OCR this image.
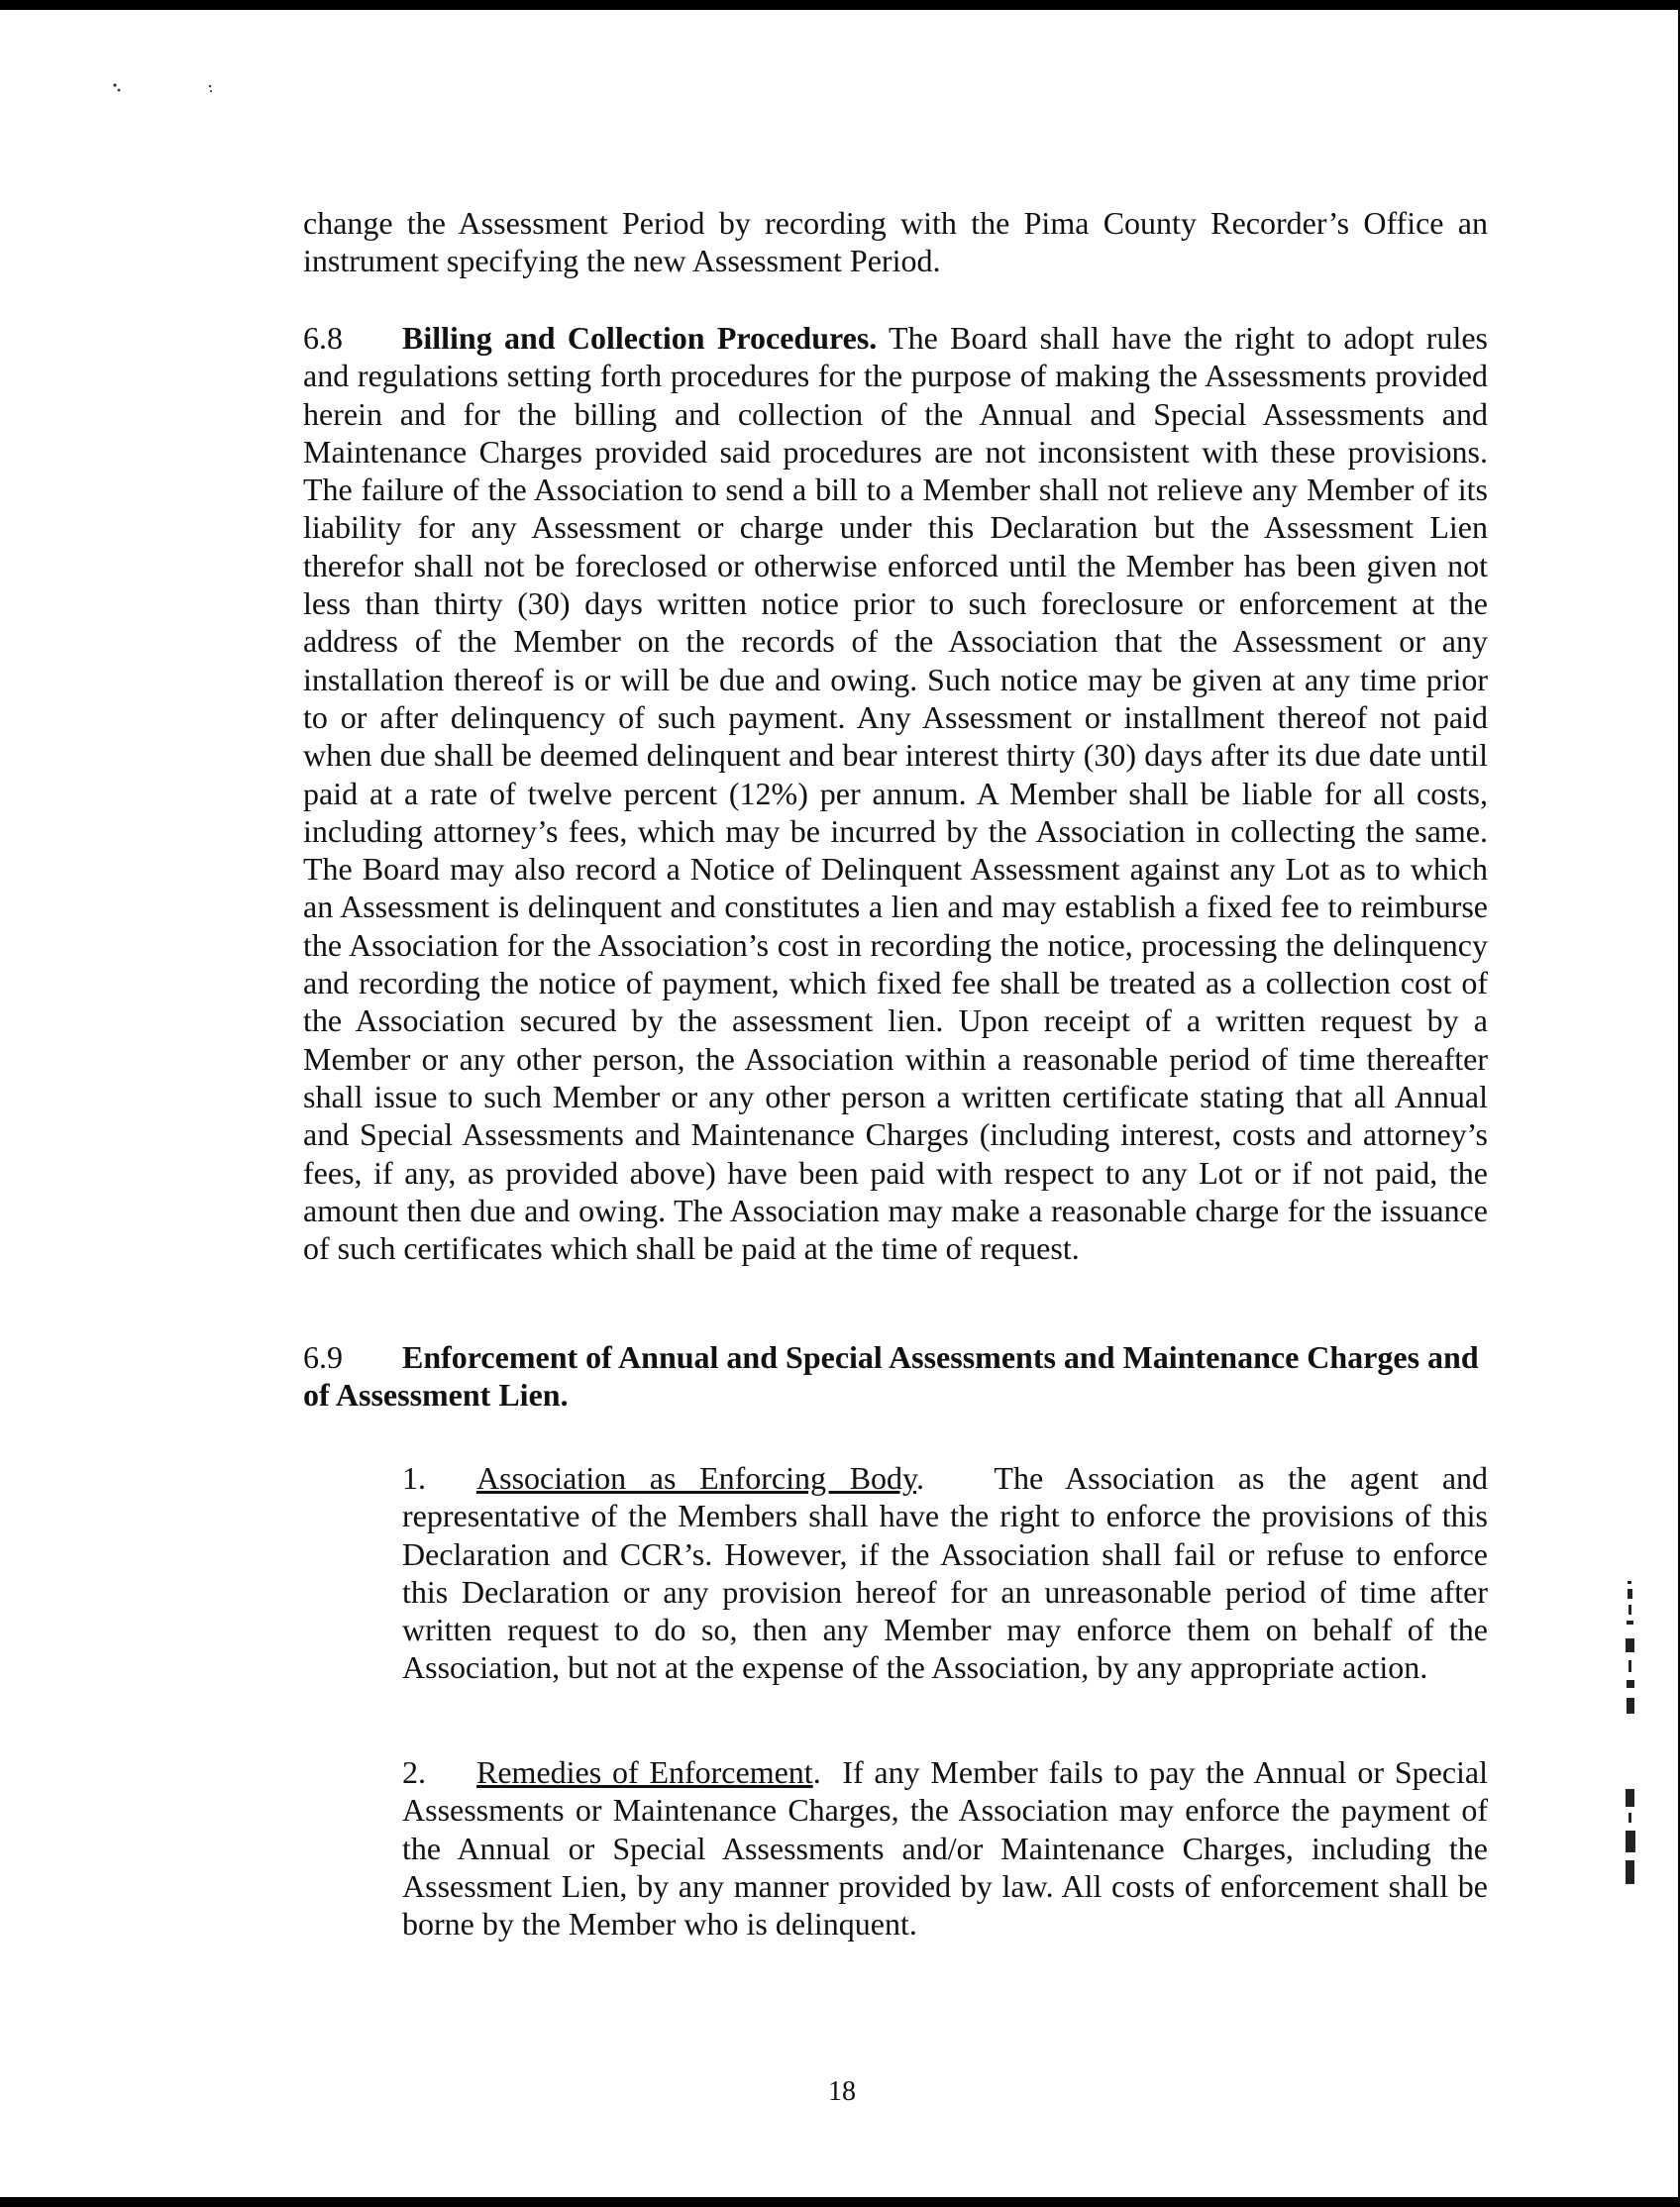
change the Assessment Period by recording with the Pima County Recorder’s Office an instrument specifying the new Assessment Period.

6.8 Billing and Collection Procedures. The Board shall have the right to adopt rules and regulations setting forth procedures for the purpose of making the Assessments provided herein and for the billing and collection of the Annual and Special Assessments and Maintenance Charges provided said procedures are not inconsistent with these provisions. The failure of the Association to send a bill to a Member shall not relieve any Member of its liability for any Assessment or charge under this Declaration but the Assessment Lien therefor shall not be foreclosed or otherwise enforced until the Member has been given not less than thirty (30) days written notice prior to such foreclosure or enforcement at the address of the Member on the records of the Association that the Assessment or any installation thereof is or will be due and owing. Such notice may be given at any time prior to or after delinquency of such payment. Any Assessment or installment thereof not paid when due shall be deemed delinquent and bear interest thirty (30) days after its due date until paid at a rate of twelve percent (12%) per annum. A Member shall be liable for all costs, including attorney’s fees, which may be incurred by the Association in collecting the same. The Board may also record a Notice of Delinquent Assessment against any Lot as to which an Assessment is delinquent and constitutes a lien and may establish a fixed fee to reimburse the Association for the Association’s cost in recording the notice, processing the delinquency and recording the notice of payment, which fixed fee shall be treated as a collection cost of the Association secured by the assessment lien. Upon receipt of a written request by a Member or any other person, the Association within a reasonable period of time thereafter shall issue to such Member or any other person a written certificate stating that all Annual and Special Assessments and Maintenance Charges (including interest, costs and attorney’s fees, if any, as provided above) have been paid with respect to any Lot or if not paid, the amount then due and owing. The Association may make a reasonable charge for the issuance of such certificates which shall be paid at the time of request.

6.9 Enforcement of Annual and Special Assessments and Maintenance Charges and of Assessment Lien.

1. Association as Enforcing Body.   The Association as the agent and representative of the Members shall have the right to enforce the provisions of this Declaration and CCR’s. However, if the Association shall fail or refuse to enforce this Declaration or any provision hereof for an unreasonable period of time after written request to do so, then any Member may enforce them on behalf of the Association, but not at the expense of the Association, by any appropriate action.

2. Remedies of Enforcement.  If any Member fails to pay the Annual or Special Assessments or Maintenance Charges, the Association may enforce the payment of the Annual or Special Assessments and/or Maintenance Charges, including the Assessment Lien, by any manner provided by law. All costs of enforcement shall be borne by the Member who is delinquent.

18
